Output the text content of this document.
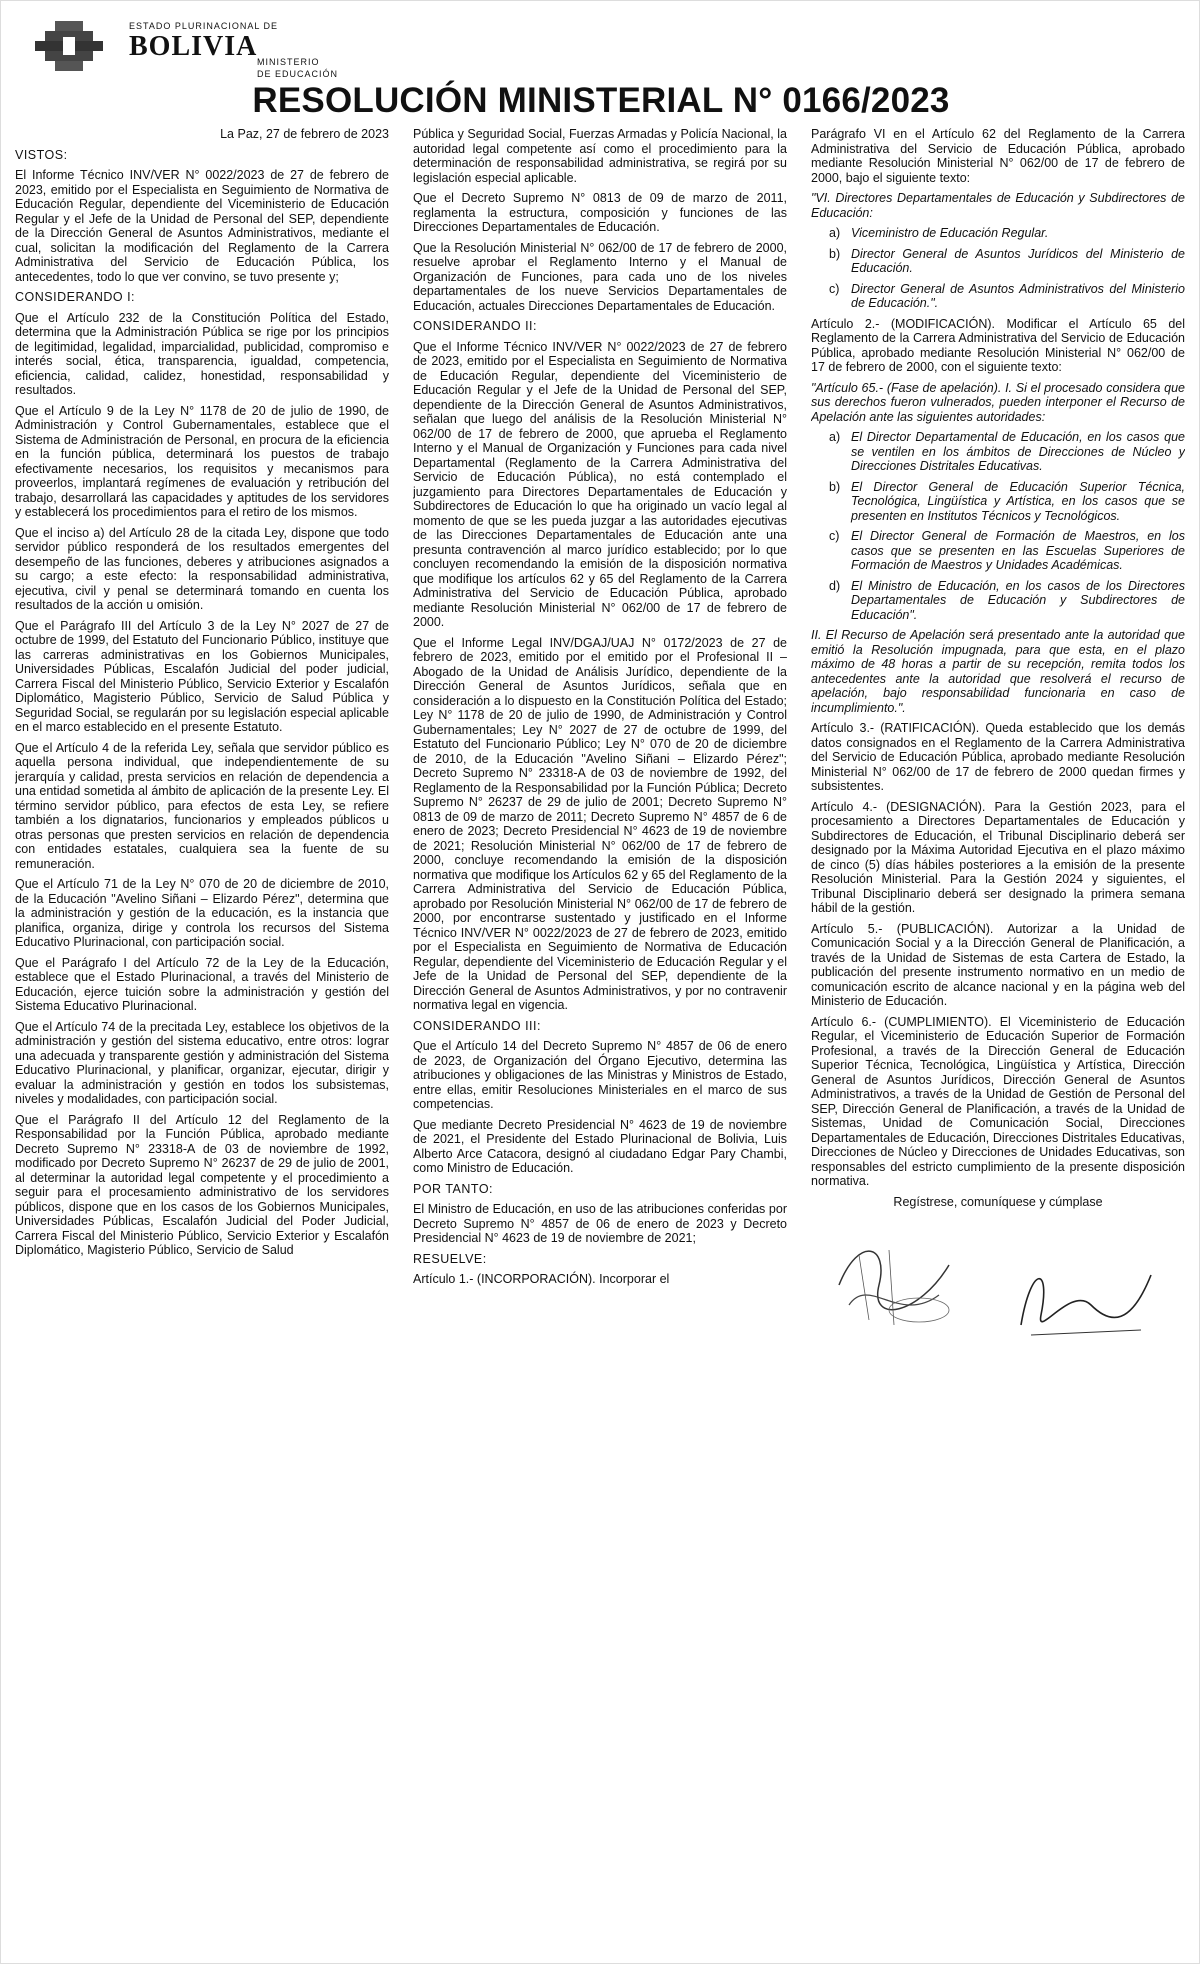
ESTADO PLURINACIONAL DE
BOLIVIA MINISTERIO
DE EDUCACIÓN
RESOLUCIÓN MINISTERIAL N° 0166/2023

La Paz, 27 de febrero de 2023

VISTOS:

El Informe Técnico INV/VER N° 0022/2023 de 27 de febrero de 2023, emitido por el Especialista en Seguimiento de Normativa de Educación Regular, dependiente del Viceministerio de Educación Regular y el Jefe de la Unidad de Personal del SEP, dependiente de la Dirección General de Asuntos Administrativos, mediante el cual, solicitan la modificación del Reglamento de la Carrera Administrativa del Servicio de Educación Pública, los antecedentes, todo lo que ver convino, se tuvo presente y;

CONSIDERANDO I:

Que el Artículo 232 de la Constitución Política del Estado, determina que la Administración Pública se rige por los principios de legitimidad, legalidad, imparcialidad, publicidad, compromiso e interés social, ética, transparencia, igualdad, competencia, eficiencia, calidad, calidez, honestidad, responsabilidad y resultados.

Que el Artículo 9 de la Ley N° 1178 de 20 de julio de 1990, de Administración y Control Gubernamentales, establece que el Sistema de Administración de Personal, en procura de la eficiencia en la función pública, determinará los puestos de trabajo efectivamente necesarios, los requisitos y mecanismos para proveerlos, implantará regímenes de evaluación y retribución del trabajo, desarrollará las capacidades y aptitudes de los servidores y establecerá los procedimientos para el retiro de los mismos.

Que el inciso a) del Artículo 28 de la citada Ley, dispone que todo servidor público responderá de los resultados emergentes del desempeño de las funciones, deberes y atribuciones asignados a su cargo; a este efecto: la responsabilidad administrativa, ejecutiva, civil y penal se determinará tomando en cuenta los resultados de la acción u omisión.

Que el Parágrafo III del Artículo 3 de la Ley N° 2027 de 27 de octubre de 1999, del Estatuto del Funcionario Público, instituye que las carreras administrativas en los Gobiernos Municipales, Universidades Públicas, Escalafón Judicial del poder judicial, Carrera Fiscal del Ministerio Público, Servicio Exterior y Escalafón Diplomático, Magisterio Público, Servicio de Salud Pública y Seguridad Social, se regularán por su legislación especial aplicable en el marco establecido en el presente Estatuto.

Que el Artículo 4 de la referida Ley, señala que servidor público es aquella persona individual, que independientemente de su jerarquía y calidad, presta servicios en relación de dependencia a una entidad sometida al ámbito de aplicación de la presente Ley. El término servidor público, para efectos de esta Ley, se refiere también a los dignatarios, funcionarios y empleados públicos u otras personas que presten servicios en relación de dependencia con entidades estatales, cualquiera sea la fuente de su remuneración.

Que el Artículo 71 de la Ley N° 070 de 20 de diciembre de 2010, de la Educación "Avelino Siñani – Elizardo Pérez", determina que la administración y gestión de la educación, es la instancia que planifica, organiza, dirige y controla los recursos del Sistema Educativo Plurinacional, con participación social.

Que el Parágrafo I del Artículo 72 de la Ley de la Educación, establece que el Estado Plurinacional, a través del Ministerio de Educación, ejerce tuición sobre la administración y gestión del Sistema Educativo Plurinacional.

Que el Artículo 74 de la precitada Ley, establece los objetivos de la administración y gestión del sistema educativo, entre otros: lograr una adecuada y transparente gestión y administración del Sistema Educativo Plurinacional, y planificar, organizar, ejecutar, dirigir y evaluar la administración y gestión en todos los subsistemas, niveles y modalidades, con participación social.

Que el Parágrafo II del Artículo 12 del Reglamento de la Responsabilidad por la Función Pública, aprobado mediante Decreto Supremo N° 23318-A de 03 de noviembre de 1992, modificado por Decreto Supremo N° 26237 de 29 de julio de 2001, al determinar la autoridad legal competente y el procedimiento a seguir para el procesamiento administrativo de los servidores públicos, dispone que en los casos de los Gobiernos Municipales, Universidades Públicas, Escalafón Judicial del Poder Judicial, Carrera Fiscal del Ministerio Público, Servicio Exterior y Escalafón Diplomático, Magisterio Público, Servicio de Salud

Pública y Seguridad Social, Fuerzas Armadas y Policía Nacional, la autoridad legal competente así como el procedimiento para la determinación de responsabilidad administrativa, se regirá por su legislación especial aplicable.

Que el Decreto Supremo N° 0813 de 09 de marzo de 2011, reglamenta la estructura, composición y funciones de las Direcciones Departamentales de Educación.

Que la Resolución Ministerial N° 062/00 de 17 de febrero de 2000, resuelve aprobar el Reglamento Interno y el Manual de Organización de Funciones, para cada uno de los niveles departamentales de los nueve Servicios Departamentales de Educación, actuales Direcciones Departamentales de Educación.

CONSIDERANDO II:

Que el Informe Técnico INV/VER N° 0022/2023 de 27 de febrero de 2023, emitido por el Especialista en Seguimiento de Normativa de Educación Regular, dependiente del Viceministerio de Educación Regular y el Jefe de la Unidad de Personal del SEP, dependiente de la Dirección General de Asuntos Administrativos, señalan que luego del análisis de la Resolución Ministerial N° 062/00 de 17 de febrero de 2000, que aprueba el Reglamento Interno y el Manual de Organización y Funciones para cada nivel Departamental (Reglamento de la Carrera Administrativa del Servicio de Educación Pública), no está contemplado el juzgamiento para Directores Departamentales de Educación y Subdirectores de Educación lo que ha originado un vacío legal al momento de que se les pueda juzgar a las autoridades ejecutivas de las Direcciones Departamentales de Educación ante una presunta contravención al marco jurídico establecido; por lo que concluyen recomendando la emisión de la disposición normativa que modifique los artículos 62 y 65 del Reglamento de la Carrera Administrativa del Servicio de Educación Pública, aprobado mediante Resolución Ministerial N° 062/00 de 17 de febrero de 2000.

Que el Informe Legal INV/DGAJ/UAJ N° 0172/2023 de 27 de febrero de 2023, emitido por el emitido por el Profesional II – Abogado de la Unidad de Análisis Jurídico, dependiente de la Dirección General de Asuntos Jurídicos, señala que en consideración a lo dispuesto en la Constitución Política del Estado; Ley N° 1178 de 20 de julio de 1990, de Administración y Control Gubernamentales; Ley N° 2027 de 27 de octubre de 1999, del Estatuto del Funcionario Público; Ley N° 070 de 20 de diciembre de 2010, de la Educación "Avelino Siñani – Elizardo Pérez"; Decreto Supremo N° 23318-A de 03 de noviembre de 1992, del Reglamento de la Responsabilidad por la Función Pública; Decreto Supremo N° 26237 de 29 de julio de 2001; Decreto Supremo N° 0813 de 09 de marzo de 2011; Decreto Supremo N° 4857 de 6 de enero de 2023; Decreto Presidencial N° 4623 de 19 de noviembre de 2021; Resolución Ministerial N° 062/00 de 17 de febrero de 2000, concluye recomendando la emisión de la disposición normativa que modifique los Artículos 62 y 65 del Reglamento de la Carrera Administrativa del Servicio de Educación Pública, aprobado por Resolución Ministerial N° 062/00 de 17 de febrero de 2000, por encontrarse sustentado y justificado en el Informe Técnico INV/VER N° 0022/2023 de 27 de febrero de 2023, emitido por el Especialista en Seguimiento de Normativa de Educación Regular, dependiente del Viceministerio de Educación Regular y el Jefe de la Unidad de Personal del SEP, dependiente de la Dirección General de Asuntos Administrativos, y por no contravenir normativa legal en vigencia.

CONSIDERANDO III:

Que el Artículo 14 del Decreto Supremo N° 4857 de 06 de enero de 2023, de Organización del Órgano Ejecutivo, determina las atribuciones y obligaciones de las Ministras y Ministros de Estado, entre ellas, emitir Resoluciones Ministeriales en el marco de sus competencias.

Que mediante Decreto Presidencial N° 4623 de 19 de noviembre de 2021, el Presidente del Estado Plurinacional de Bolivia, Luis Alberto Arce Catacora, designó al ciudadano Edgar Pary Chambi, como Ministro de Educación.

POR TANTO:

El Ministro de Educación, en uso de las atribuciones conferidas por Decreto Supremo N° 4857 de 06 de enero de 2023 y Decreto Presidencial N° 4623 de 19 de noviembre de 2021;

RESUELVE:

Artículo 1.- (INCORPORACIÓN). Incorporar el

Parágrafo VI en el Artículo 62 del Reglamento de la Carrera Administrativa del Servicio de Educación Pública, aprobado mediante Resolución Ministerial N° 062/00 de 17 de febrero de 2000, bajo el siguiente texto:

"VI. Directores Departamentales de Educación y Subdirectores de Educación:

a) Viceministro de Educación Regular.
b) Director General de Asuntos Jurídicos del Ministerio de Educación.
c) Director General de Asuntos Administrativos del Ministerio de Educación.".

Artículo 2.- (MODIFICACIÓN). Modificar el Artículo 65 del Reglamento de la Carrera Administrativa del Servicio de Educación Pública, aprobado mediante Resolución Ministerial N° 062/00 de 17 de febrero de 2000, con el siguiente texto:

"Artículo 65.- (Fase de apelación). I. Si el procesado considera que sus derechos fueron vulnerados, pueden interponer el Recurso de Apelación ante las siguientes autoridades:

a) El Director Departamental de Educación, en los casos que se ventilen en los ámbitos de Direcciones de Núcleo y Direcciones Distritales Educativas.
b) El Director General de Educación Superior Técnica, Tecnológica, Lingüística y Artística, en los casos que se presenten en Institutos Técnicos y Tecnológicos.
c) El Director General de Formación de Maestros, en los casos que se presenten en las Escuelas Superiores de Formación de Maestros y Unidades Académicas.
d) El Ministro de Educación, en los casos de los Directores Departamentales de Educación y Subdirectores de Educación".

II. El Recurso de Apelación será presentado ante la autoridad que emitió la Resolución impugnada, para que esta, en el plazo máximo de 48 horas a partir de su recepción, remita todos los antecedentes ante la autoridad que resolverá el recurso de apelación, bajo responsabilidad funcionaria en caso de incumplimiento.".

Artículo 3.- (RATIFICACIÓN). Queda establecido que los demás datos consignados en el Reglamento de la Carrera Administrativa del Servicio de Educación Pública, aprobado mediante Resolución Ministerial N° 062/00 de 17 de febrero de 2000 quedan firmes y subsistentes.

Artículo 4.- (DESIGNACIÓN). Para la Gestión 2023, para el procesamiento a Directores Departamentales de Educación y Subdirectores de Educación, el Tribunal Disciplinario deberá ser designado por la Máxima Autoridad Ejecutiva en el plazo máximo de cinco (5) días hábiles posteriores a la emisión de la presente Resolución Ministerial. Para la Gestión 2024 y siguientes, el Tribunal Disciplinario deberá ser designado la primera semana hábil de la gestión.

Artículo 5.- (PUBLICACIÓN). Autorizar a la Unidad de Comunicación Social y a la Dirección General de Planificación, a través de la Unidad de Sistemas de esta Cartera de Estado, la publicación del presente instrumento normativo en un medio de comunicación escrito de alcance nacional y en la página web del Ministerio de Educación.

Artículo 6.- (CUMPLIMIENTO). El Viceministerio de Educación Regular, el Viceministerio de Educación Superior de Formación Profesional, a través de la Dirección General de Educación Superior Técnica, Tecnológica, Lingüística y Artística, Dirección General de Asuntos Jurídicos, Dirección General de Asuntos Administrativos, a través de la Unidad de Gestión de Personal del SEP, Dirección General de Planificación, a través de la Unidad de Sistemas, Unidad de Comunicación Social, Direcciones Departamentales de Educación, Direcciones Distritales Educativas, Direcciones de Núcleo y Direcciones de Unidades Educativas, son responsables del estricto cumplimiento de la presente disposición normativa.

Regístrese, comuníquese y cúmplase
